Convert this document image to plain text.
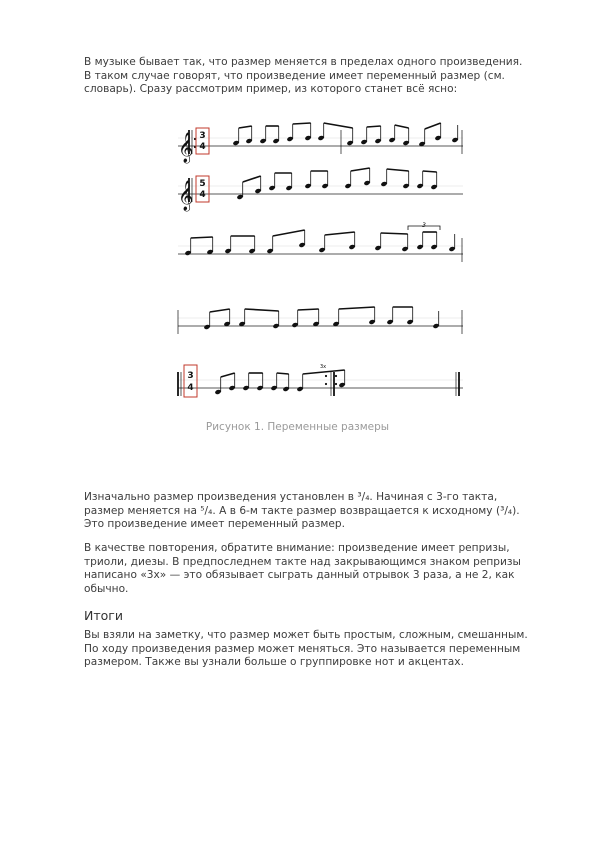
В музыке бывает так, что размер меняется в пределах одного произведения. В таком случае говорят, что произведение имеет переменный размер (см. словарь). Сразу рассмотрим пример, из которого станет всё ясно:

3
4
5
4
3
4
𝄞
𝄞
3
3x
Рисунок 1. Переменные размеры

Изначально размер произведения установлен в ³/₄. Начиная с 3-го такта, размер меняется на ⁵/₄. А в 6-м такте размер возвращается к исходному (³/₄). Это произведение имеет переменный размер.

В качестве повторения, обратите внимание: произведение имеет репризы, триоли, диезы. В предпоследнем такте над закрывающимся знаком репризы написано «3х» — это обязывает сыграть данный отрывок 3 раза, а не 2, как обычно.

Итоги

Вы взяли на заметку, что размер может быть простым, сложным, смешанным. По ходу произведения размер может меняться. Это называется переменным размером. Также вы узнали больше о группировке нот и акцентах.
